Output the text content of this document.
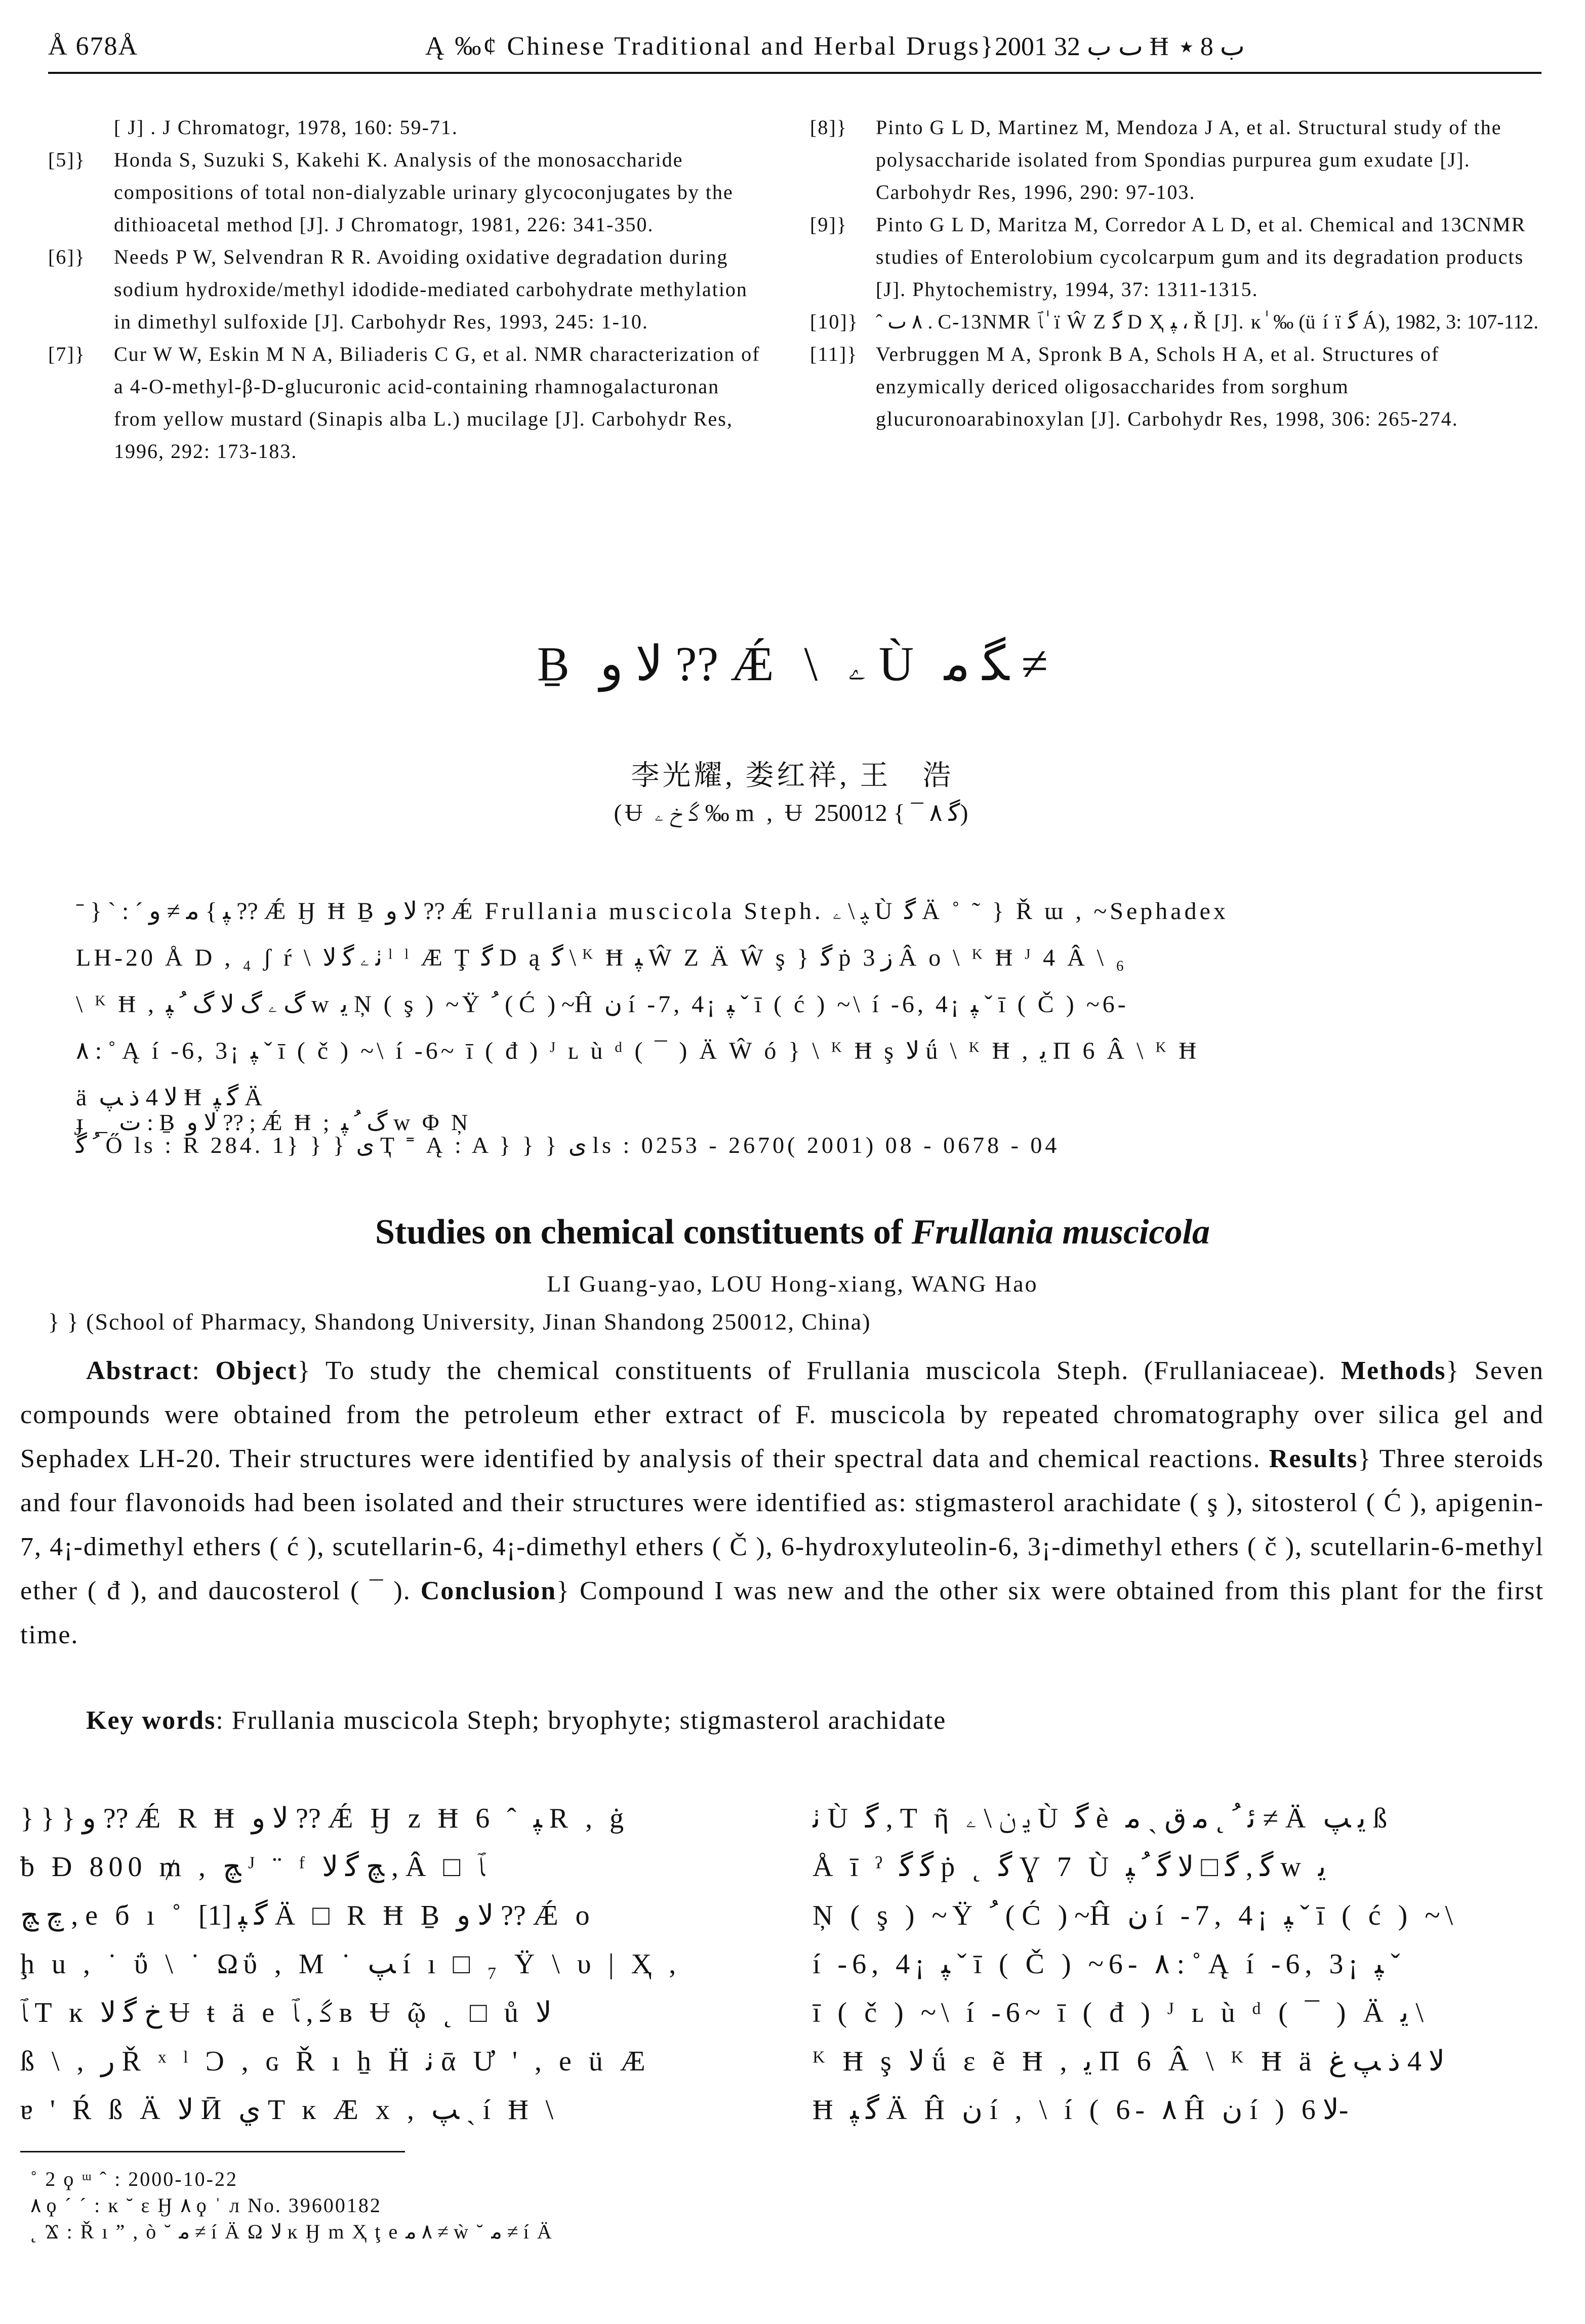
Å 678Å	Ą ‰¢ Chinese Traditional and Herbal Drugs} 2001 ٮ ب 32 Ħ ب 8 ٭

[ J] . J Chromatogr, 1978, 160: 59-71.

[5]} Honda S, Suzuki S, Kakehi K. Analysis of the monosaccharide compositions of total non-dialyzable urinary glycoconjugates by the dithioacetal method [J]. J Chromatogr, 1981, 226: 341-350.

[6]} Needs P W, Selvendran R R. Avoiding oxidative degradation during sodium hydroxide/methyl idodide-mediated carbohydrate methylation in dimethyl sulfoxide [J]. Carbohydr Res, 1993, 245: 1-10.

[7]} Cur W W, Eskin M N A, Biliaderis C G, et al. NMR characterization of a 4-O-methyl-β-D-glucuronic acid-containing rhamnogalacturonan from yellow mustard (Sinapis alba L.) mucilage [J]. Carbohydr Res, 1996, 292: 173-183.

[8]} Pinto G L D, Martinez M, Mendoza J A, et al. Structural study of the polysaccharide isolated from Spondias purpurea gum exudate [J]. Carbohydr Res, 1996, 290: 97-103.

[9]} Pinto G L D, Maritza M, Corredor A L D, et al. Chemical and 13CNMR studies of Enterolobium cycolcarpum gum and its degradation products [J]. Phytochemistry, 1994, 37: 1311-1315.

[10]} ˆ ٨ ٮ . C-13NMR ﭑ ٰ ï Ŵ Z ﮔ D Ҳ ﭙ ، Ř [J]. ĸ ٰ ‰ (ü í ï ﮔ Á), 1982, 3: 107-112.

[11]} Verbruggen M A, Spronk B A, Schols H A, et al. Structures of enzymically dericed oligosaccharides from sorghum glucuronoarabinoxylan [J]. Carbohydr Res, 1998, 306: 265-274.

Ḇ ﻻ ﻭ ?? Ǽ \ ۦ Ù ﮕ ﻣ ≠
李光耀, 娄红祥, 王　浩
(Ʉ ﮔ ﺥ ۦ ‰ m , Ʉ ﮔ ٨ ¯ } 250012)

ˉ } ˋ : ˊ ﭙ } ﻣ ≠ ﻭ ?? Ǽ Ӈ Ħ Ḇ ﻻ ﻭ ?? Ǽ Frullania muscicola Steph. ﭙ \ ۦ Ù ﮔ Ä ˚ ˜ } Ř ɯ , ~Sephadex

LH-20 Å D , ₄ ʃ ŕ \ ﭠ ۦ ﮔ ﻻ ˡ ˡ Æ Ţ ﮔ D ą ﮔ \ ᴷ Ħ ﭙ Ŵ Z Ä Ŵ ş } ﮔ ṗ ﺯ 3 Â o \ ᴷ Ħ ᴶ 4 Â \ ₆

\ ᴷ Ħ , ﮒ ۦ ﮒ ﻻ ﮒ ﹸ ﭙ w ﯾ Ņ ( ş ) ~Ÿ ﹸ ( Ć ) ~Ĥ ﻥ í -7, 4¡ ﭙ ˇ ī ( ć ) ~\ í -6, 4¡ ﭙ ˇ ī ( Č ) ~6-

٨ : ˚ Ą í -6, 3¡ ﭙ ˇ ī ( č ) ~\ í -6~ ī ( đ ) ᴶ ʟ ù ᵈ ( ¯ ) Ä Ŵ ó } \ ᴷ Ħ ş ﻻ ǘ \ ᴷ Ħ , ﯾ Π 6 Â \ ᴷ Ħ

ä ﻻ 4 ﺫ ﭗ Ħ ﮔ ﭙ Ä

ɟ _ ﺕ : Ḇ ﻻ ﻭ ?? ; Ǽ Ħ ; ﮒ ﹸ ﭙ w Φ Ņ
ﹸ ﮔ Ő ls : R 284. 1} } } ﻯ Ҭ ˭ Ą : A } } } ﻯ ls : 0253 - 2670( 2001) 08 - 0678 - 04
Studies on chemical constituents of Frullania muscicola
LI Guang-yao, LOU Hong-xiang, WANG Hao
} } (School of Pharmacy, Shandong University, Jinan Shandong 250012, China)

Abstract: Object} To study the chemical constituents of Frullania muscicola Steph. (Frullaniaceae). Methods} Seven compounds were obtained from the petroleum ether extract of F. muscicola by repeated chromatography over silica gel and Sephadex LH-20. Their structures were identified by analysis of their spectral data and chemical reactions. Results} Three steroids and four flavonoids had been isolated and their structures were identified as: stigmasterol arachidate ( ş ), sitosterol ( Ć ), apigenin-7, 4¡-dimethyl ethers ( ć ), scutellarin-6, 4¡-dimethyl ethers ( Č ), 6-hydroxyluteolin-6, 3¡-dimethyl ethers ( č ), scutellarin-6-methyl ether ( đ ), and daucosterol ( ¯ ). Conclusion} Compound I was new and the other six were obtained from this plant for the first time.

Key words: Frullania muscicola Steph; bryophyte; stigmasterol arachidate

} } } ﻭ ?? Ǽ R Ħ ﻻ ﻭ ?? Ǽ Ӈ z Ħ 6 ˆ ﭙ R , ġ

ƀ Ð 800 ₥ , ﭻ ᴶ ¨ ᶠ ﭻ ﮔ ﻻ , Â □ ﭑ

ﭺ ﭻ , e б ı ˚ ﮔ ﭙ [1] Ä □ R Ħ Ḇ ﻻ ﻭ ?? Ǽ o

ḩ u , ˙ ΰ \ ˙ Ωΰ , M ˙ ﭗ í ı □ ₇ Ÿ \ υ | Ҳ ,

ﭑ T ĸ ﺥ ﮔ ﻻ Ʉ ŧ ä e ﮔ , ﭑ в Ʉ ῷ ˛ □ ů ﻻ

ß \ , ﺭ Ř ˣ ˡ Ɔ , ɢ Ř ı ẖ Ḧ ﭠ ᾱ Ư ' , e ü Æ

ɐ ' Ŕ ß Ä ﻻ Ӣ ﻱ T ĸ Æ x , ﭗ ˏ í Ħ \

ﭠ Ù ﮔ , T ῆ ﯾ ﻥ \ ۦ Ù ﮔ è ﺋ ﹸ ˛ ﻣ ﻕ ˏ ﻣ ≠ Ä ﯾ ﭗ ß

Å ī ˀ ﮔ ﮔ ṗ ˛ ﮔ Ɣ 7 Ù ﮔ , ﮔ □ ﻻ ﮔ ﹸ ﭙ w ﯾ

Ņ ( ş ) ~Ÿ ﹸ ( Ć ) ~Ĥ ﻥ í -7, 4¡ ﭙ ˇ ī ( ć ) ~\

í -6, 4¡ ﭙ ˇ ī ( Č ) ~6- ٨ : ˚ Ą í -6, 3¡ ﭙ ˇ

ī ( č ) ~\ í -6~ ī ( đ ) ᴶ ʟ ù ᵈ ( ¯ ) Ä ﯾ \

ᴷ Ħ ş ﻻ ǘ ε ẽ Ħ , ﯾ Π 6 Â \ ᴷ Ħ ä ﻻ 4 ﺫ ﭗ ﻍ

Ħ ﮔ ﭙ Ä Ĥ ﻥ í , \ í ( 6- ٨ Ĥ ﻥ í ) ﻻ 6-

˚ 2 ϙ ᵚ ˆ : 2000-10-22

٨ ϙ ˊ ˊ : ĸ ˘ ε Ӈ ٨ ϙ ˈ л No. 39600182

˛ Ϫ : Ř ı ˮ , ò ˘ ﻣ ≠ í Ä Ω ﻻ ĸ Ӈ m Ҳ ţ e ٨ ﻣ ≠ ẁ ˘ ﻣ ≠ í Ä
